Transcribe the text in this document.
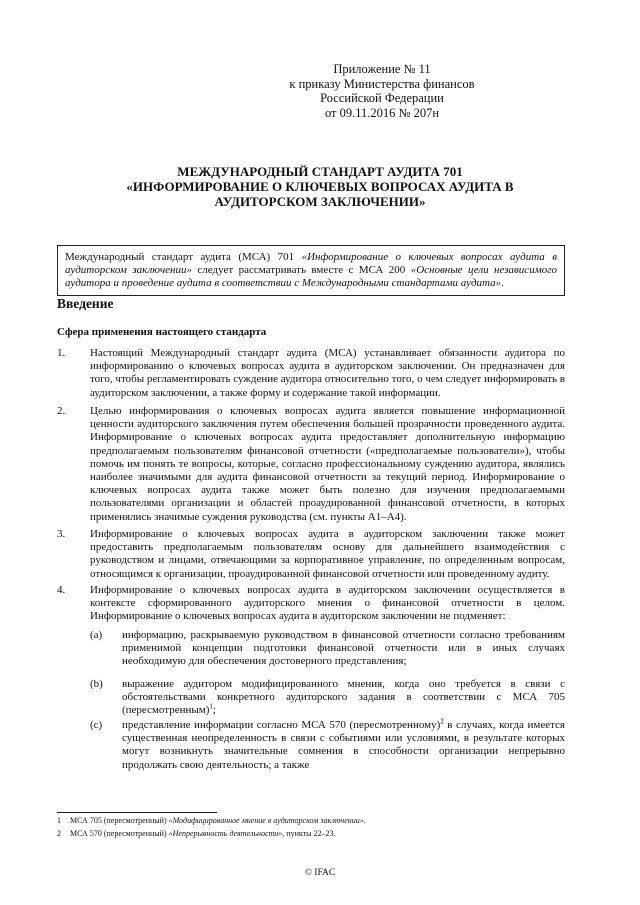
Приложение № 11
к приказу Министерства финансов
Российской Федерации
от 09.11.2016 № 207н
МЕЖДУНАРОДНЫЙ СТАНДАРТ АУДИТА 701
«ИНФОРМИРОВАНИЕ О КЛЮЧЕВЫХ ВОПРОСАХ АУДИТА В
АУДИТОРСКОМ ЗАКЛЮЧЕНИИ»
Международный стандарт аудита (МСА) 701 «Информирование о ключевых вопросах аудита в аудиторском заключении» следует рассматривать вместе с МСА 200 «Основные цели независимого аудитора и проведение аудита в соответствии с Международными стандартами аудита».
Введение
Сфера применения настоящего стандарта
1.	Настоящий Международный стандарт аудита (МСА) устанавливает обязанности аудитора по информированию о ключевых вопросах аудита в аудиторском заключении. Он предназначен для того, чтобы регламентировать суждение аудитора относительно того, о чем следует информировать в аудиторском заключении, а также форму и содержание такой информации.
2.	Целью информирования о ключевых вопросах аудита является повышение информационной ценности аудиторского заключения путем обеспечения большей прозрачности проведенного аудита. Информирование о ключевых вопросах аудита предоставляет дополнительную информацию предполагаемым пользователям финансовой отчетности («предполагаемые пользователи»), чтобы помочь им понять те вопросы, которые, согласно профессиональному суждению аудитора, являлись наиболее значимыми для аудита финансовой отчетности за текущий период. Информирование о ключевых вопросах аудита также может быть полезно для изучения предполагаемыми пользователями организации и областей проаудированной финансовой отчетности, в которых применялись значимые суждения руководства (см. пункты А1–А4).
3.	Информирование о ключевых вопросах аудита в аудиторском заключении также может предоставить предполагаемым пользователям основу для дальнейшего взаимодействия с руководством и лицами, отвечающими за корпоративное управление, по определенным вопросам, относящимся к организации, проаудированной финансовой отчетности или проведенному аудиту.
4.	Информирование о ключевых вопросах аудита в аудиторском заключении осуществляется в контексте сформированного аудиторского мнения о финансовой отчетности в целом. Информирование о ключевых вопросах аудита в аудиторском заключении не подменяет:
(a) информацию, раскрываемую руководством в финансовой отчетности согласно требованиям применимой концепции подготовки финансовой отчетности или в иных случаях необходимую для обеспечения достоверного представления;
(b) выражение аудитором модифицированного мнения, когда оно требуется в связи с обстоятельствами конкретного аудиторского задания в соответствии с МСА 705 (пересмотренным)$^1$;
(c) представление информации согласно МСА 570 (пересмотренному)$^2$ в случаях, когда имеется существенная неопределенность в связи с событиями или условиями, в результате которых могут возникнуть значительные сомнения в способности организации непрерывно продолжать свою деятельность; а также
1 МСА 705 (пересмотренный) «Модифицированное мнение в аудиторском заключении».
2 МСА 570 (пересмотренный) «Непрерывность деятельности», пункты 22–23.
© IFAC
